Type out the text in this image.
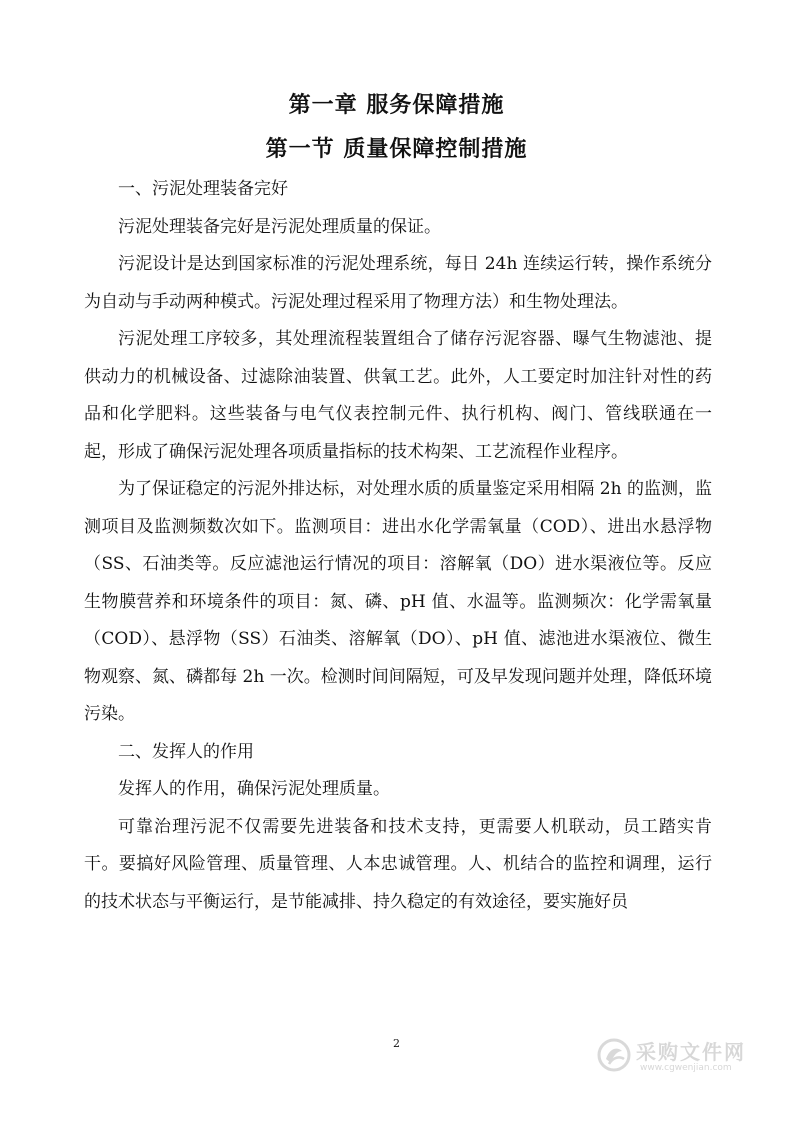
第一章 服务保障措施
第一节 质量保障控制措施

一、污泥处理装备完好

污泥处理装备完好是污泥处理质量的保证。

污泥设计是达到国家标准的污泥处理系统，每日 24h 连续运行转，操作系统分为自动与手动两种模式。污泥处理过程采用了物理方法）和生物处理法。

污泥处理工序较多，其处理流程装置组合了储存污泥容器、曝气生物滤池、提供动力的机械设备、过滤除油装置、供氧工艺。此外，人工要定时加注针对性的药品和化学肥料。这些装备与电气仪表控制元件、执行机构、阀门、管线联通在一起，形成了确保污泥处理各项质量指标的技术构架、工艺流程作业程序。

为了保证稳定的污泥外排达标，对处理水质的质量鉴定采用相隔 2h 的监测，监测项目及监测频数次如下。监测项目：进出水化学需氧量（COD）、进出水悬浮物（SS、石油类等。反应滤池运行情况的项目：溶解氧（DO）进水渠液位等。反应生物膜营养和环境条件的项目：氮、磷、pH 值、水温等。监测频次：化学需氧量（COD）、悬浮物（SS）石油类、溶解氧（DO）、pH 值、滤池进水渠液位、微生物观察、氮、磷都每 2h 一次。检测时间间隔短，可及早发现问题并处理，降低环境污染。

二、发挥人的作用

发挥人的作用，确保污泥处理质量。

可靠治理污泥不仅需要先进装备和技术支持，更需要人机联动，员工踏实肯干。要搞好风险管理、质量管理、人本忠诚管理。人、机结合的监控和调理，运行的技术状态与平衡运行，是节能减排、持久稳定的有效途径，要实施好员

2	采购文件网
www.cgwenjian.com
